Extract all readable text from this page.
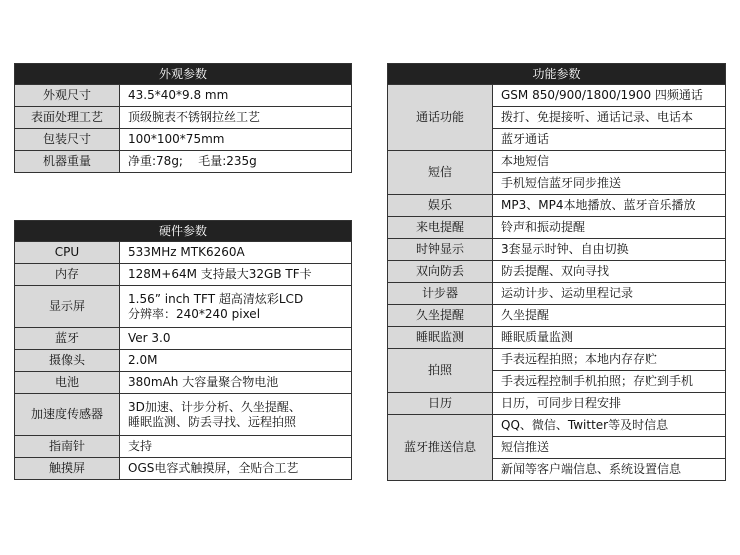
外观参数	
外观尺寸	43.5*40*9.8 mm

表面处理工艺	顶级腕表不锈钢拉丝工艺

包装尺寸	100*100*75mm

机器重量	净重:78g;    毛量:235g
硬件参数	
CPU	533MHz MTK6260A

内存	128M+64M 支持最大32GB TF卡

显示屏	1.56” inch TFT 超高清炫彩LCD
分辨率：240*240 pixel

蓝牙	Ver 3.0

摄像头	2.0M

电池	380mAh 大容量聚合物电池

加速度传感器	3D加速、计步分析、久坐提醒、
睡眠监测、防丢寻找、远程拍照

指南针	支持

触摸屏	OGS电容式触摸屏，全贴合工艺
功能参数	
通话功能	GSM 850/900/1800/1900 四频通话
	拨打、免提接听、通话记录、电话本
	蓝牙通话
短信	本地短信
	手机短信蓝牙同步推送
娱乐	MP3、MP4本地播放、蓝牙音乐播放
来电提醒	铃声和振动提醒
时钟显示	3套显示时钟、自由切换
双向防丢	防丢提醒、双向寻找
计步器	运动计步、运动里程记录
久坐提醒	久坐提醒
睡眠监测	睡眠质量监测
拍照	手表远程拍照；本地内存存贮
	手表远程控制手机拍照；存贮到手机
日历	日历，可同步日程安排
蓝牙推送信息	QQ、微信、Twitter等及时信息
	短信推送
	新闻等客户端信息、系统设置信息
